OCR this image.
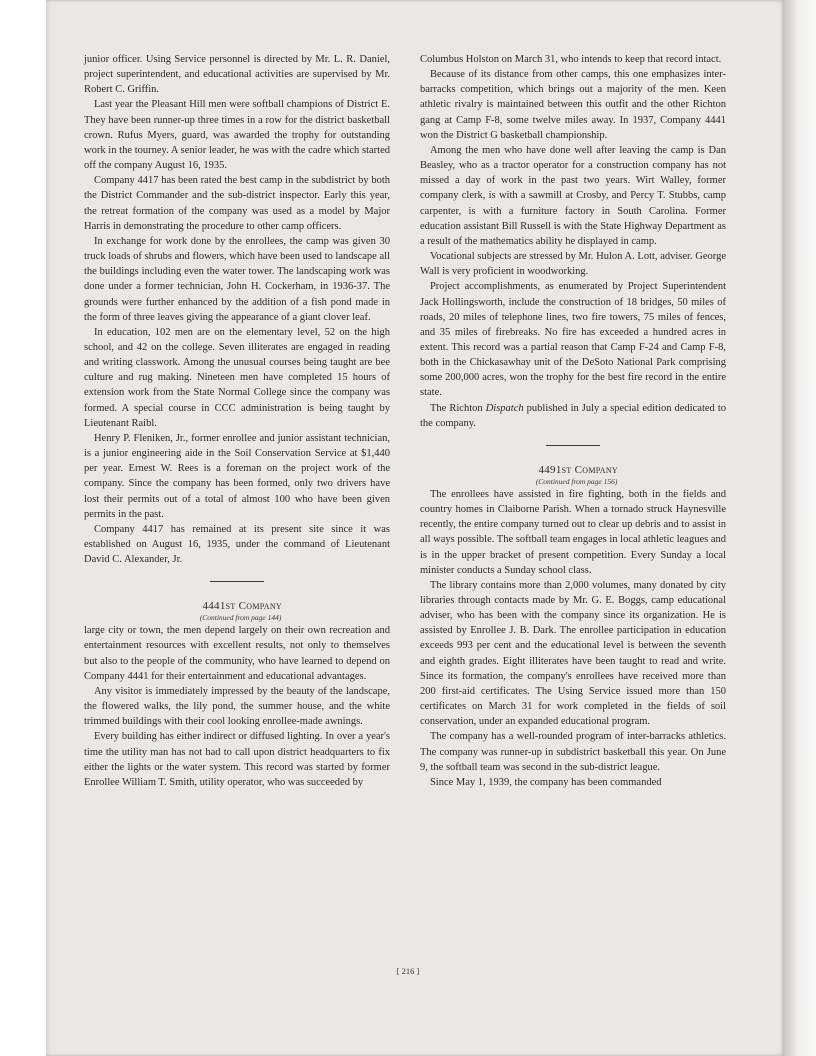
junior officer. Using Service personnel is directed by Mr. L. R. Daniel, project superintendent, and educational activities are supervised by Mr. Robert C. Griffin.

Last year the Pleasant Hill men were softball champions of District E. They have been runner-up three times in a row for the district basketball crown. Rufus Myers, guard, was awarded the trophy for outstanding work in the tourney. A senior leader, he was with the cadre which started off the company August 16, 1935.

Company 4417 has been rated the best camp in the subdistrict by both the District Commander and the sub-district inspector. Early this year, the retreat formation of the company was used as a model by Major Harris in demonstrating the procedure to other camp officers.

In exchange for work done by the enrollees, the camp was given 30 truck loads of shrubs and flowers, which have been used to landscape all the buildings including even the water tower. The landscaping work was done under a former technician, John H. Cockerham, in 1936-37. The grounds were further enhanced by the addition of a fish pond made in the form of three leaves giving the appearance of a giant clover leaf.

In education, 102 men are on the elementary level, 52 on the high school, and 42 on the college. Seven illiterates are engaged in reading and writing classwork. Among the unusual courses being taught are bee culture and rug making. Nineteen men have completed 15 hours of extension work from the State Normal College since the company was formed. A special course in CCC administration is being taught by Lieutenant Raibl.

Henry P. Fleniken, Jr., former enrollee and junior assistant technician, is a junior engineering aide in the Soil Conservation Service at $1,440 per year. Ernest W. Rees is a foreman on the project work of the company. Since the company has been formed, only two drivers have lost their permits out of a total of almost 100 who have been given permits in the past.

Company 4417 has remained at its present site since it was established on August 16, 1935, under the command of Lieutenant David C. Alexander, Jr.

4441st Company

(Continued from page 144)

large city or town, the men depend largely on their own recreation and entertainment resources with excellent results, not only to themselves but also to the people of the community, who have learned to depend on Company 4441 for their entertainment and educational advantages.

Any visitor is immediately impressed by the beauty of the landscape, the flowered walks, the lily pond, the summer house, and the white trimmed buildings with their cool looking enrollee-made awnings.

Every building has either indirect or diffused lighting. In over a year's time the utility man has not had to call upon district headquarters to fix either the lights or the water system. This record was started by former Enrollee William T. Smith, utility operator, who was succeeded by

Columbus Holston on March 31, who intends to keep that record intact.

Because of its distance from other camps, this one emphasizes inter-barracks competition, which brings out a majority of the men. Keen athletic rivalry is maintained between this outfit and the other Richton gang at Camp F-8, some twelve miles away. In 1937, Company 4441 won the District G basketball championship.

Among the men who have done well after leaving the camp is Dan Beasley, who as a tractor operator for a construction company has not missed a day of work in the past two years. Wirt Walley, former company clerk, is with a sawmill at Crosby, and Percy T. Stubbs, camp carpenter, is with a furniture factory in South Carolina. Former education assistant Bill Russell is with the State Highway Department as a result of the mathematics ability he displayed in camp.

Vocational subjects are stressed by Mr. Hulon A. Lott, adviser. George Wall is very proficient in woodworking.

Project accomplishments, as enumerated by Project Superintendent Jack Hollingsworth, include the construction of 18 bridges, 50 miles of roads, 20 miles of telephone lines, two fire towers, 75 miles of fences, and 35 miles of firebreaks. No fire has exceeded a hundred acres in extent. This record was a partial reason that Camp F-24 and Camp F-8, both in the Chickasawhay unit of the DeSoto National Park comprising some 200,000 acres, won the trophy for the best fire record in the entire state.

The Richton Dispatch published in July a special edition dedicated to the company.

4491st Company

(Continued from page 156)

The enrollees have assisted in fire fighting, both in the fields and country homes in Claiborne Parish. When a tornado struck Haynesville recently, the entire company turned out to clear up debris and to assist in all ways possible. The softball team engages in local athletic leagues and is in the upper bracket of present competition. Every Sunday a local minister conducts a Sunday school class.

The library contains more than 2,000 volumes, many donated by city libraries through contacts made by Mr. G. E. Boggs, camp educational adviser, who has been with the company since its organization. He is assisted by Enrollee J. B. Dark. The enrollee participation in education exceeds 993 per cent and the educational level is between the seventh and eighth grades. Eight illiterates have been taught to read and write. Since its formation, the company's enrollees have received more than 200 first-aid certificates. The Using Service issued more than 150 certificates on March 31 for work completed in the fields of soil conservation, under an expanded educational program.

The company has a well-rounded program of inter-barracks athletics. The company was runner-up in subdistrict basketball this year. On June 9, the softball team was second in the sub-district league.

Since May 1, 1939, the company has been commanded

[ 216 ]
